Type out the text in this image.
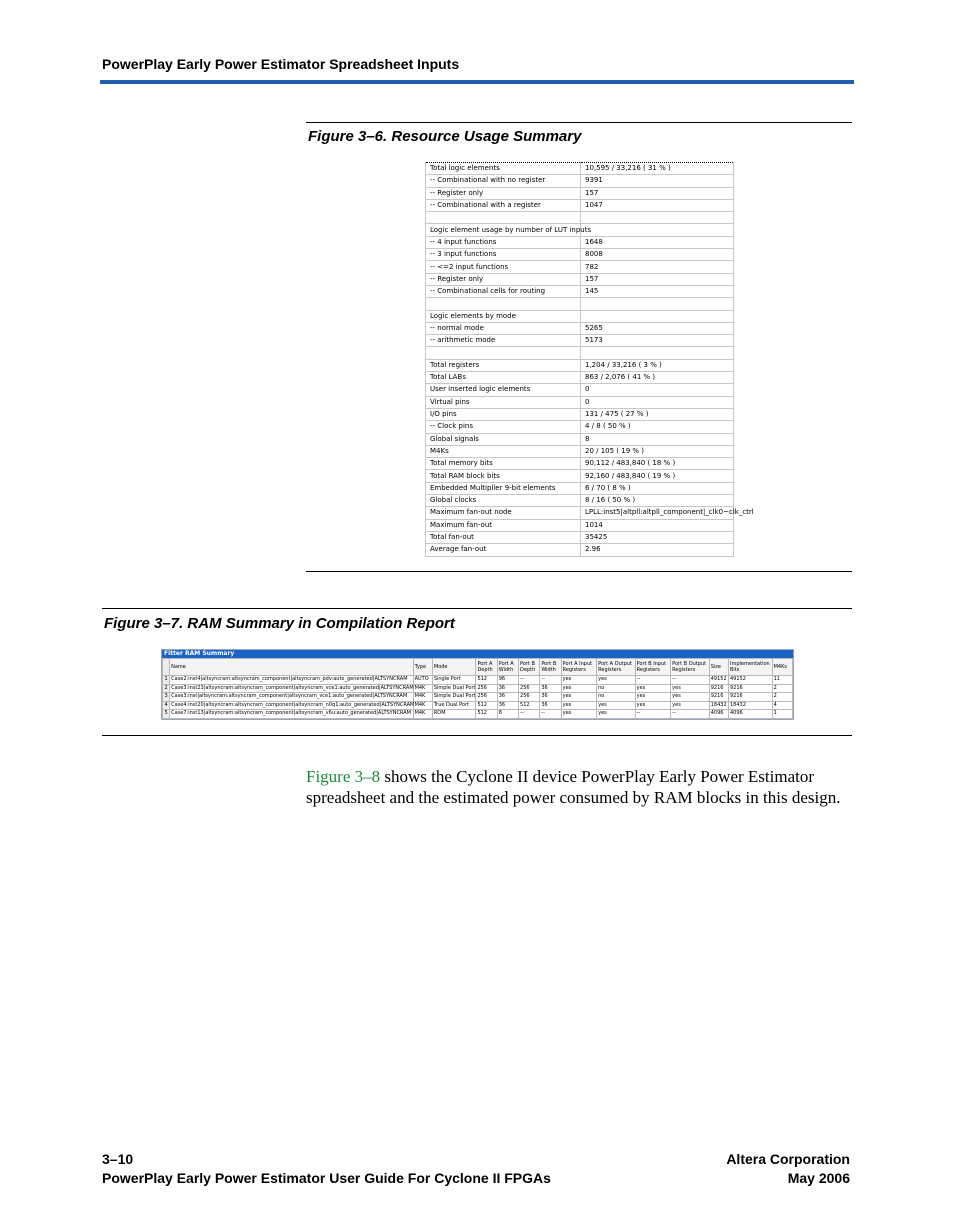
PowerPlay Early Power Estimator Spreadsheet Inputs
Figure 3–6. Resource Usage Summary
Total logic elements	10,595 / 33,216 ( 31 % )
-- Combinational with no register	9391
-- Register only	157
-- Combinational with a register	1047

Logic element usage by number of LUT inputs	
-- 4 input functions	1648
-- 3 input functions	8008
-- <=2 input functions	782
-- Register only	157
-- Combinational cells for routing	145

Logic elements by mode	
-- normal mode	5265
-- arithmetic mode	5173

Total registers	1,204 / 33,216 ( 3 % )
Total LABs	863 / 2,076 ( 41 % )
User inserted logic elements	0
Virtual pins	0
I/O pins	131 / 475 ( 27 % )
-- Clock pins	4 / 8 ( 50 % )
Global signals	8
M4Ks	20 / 105 ( 19 % )
Total memory bits	90,112 / 483,840 ( 18 % )
Total RAM block bits	92,160 / 483,840 ( 19 % )
Embedded Multiplier 9-bit elements	6 / 70 ( 8 % )
Global clocks	8 / 16 ( 50 % )
Maximum fan-out node	LPLL:inst5|altpll:altpll_component|_clk0~clk_ctrl
Maximum fan-out	1014
Total fan-out	35425
Average fan-out	2.96
Figure 3–7. RAM Summary in Compilation Report
Fitter RAM Summary
	Name	Type	Mode	Port A Depth	Port A Width	Port B Depth	Port B Width	Port A Input Registers	Port A Output Registers	Port B Input Registers	Port B Output Registers	Size	Implementation Bits	M4Ks
1	Case2:inst4|altsyncram:altsyncram_component|altsyncram_pdv:auto_generated|ALTSYNCRAM	AUTO	Single Port	512	96	--	--	yes	yes	--	--	49152	49152	11
2	Case3:inst23|altsyncram:altsyncram_component|altsyncram_vce1:auto_generated|ALTSYNCRAM	M4K	Simple Dual Port	256	36	256	36	yes	no	yes	yes	9216	9216	2
3	Case3:inst|altsyncram:altsyncram_component|altsyncram_vce1:auto_generated|ALTSYNCRAM	M4K	Simple Dual Port	256	36	256	36	yes	no	yes	yes	9216	9216	2
4	Case4:inst20|altsyncram:altsyncram_component|altsyncram_n0q1:auto_generated|ALTSYNCRAM	M4K	True Dual Port	512	36	512	36	yes	yes	yes	yes	18432	18432	4
5	Case7:inst13|altsyncram:altsyncram_component|altsyncram_v6u:auto_generated|ALTSYNCRAM	M4K	ROM	512	8	--	--	yes	yes	--	--	4096	4096	1

Figure 3–8 shows the Cyclone II device PowerPlay Early Power Estimator spreadsheet and the estimated power consumed by RAM blocks in this design.

3–10
PowerPlay Early Power Estimator User Guide For Cyclone II FPGAs
Altera Corporation
May 2006
